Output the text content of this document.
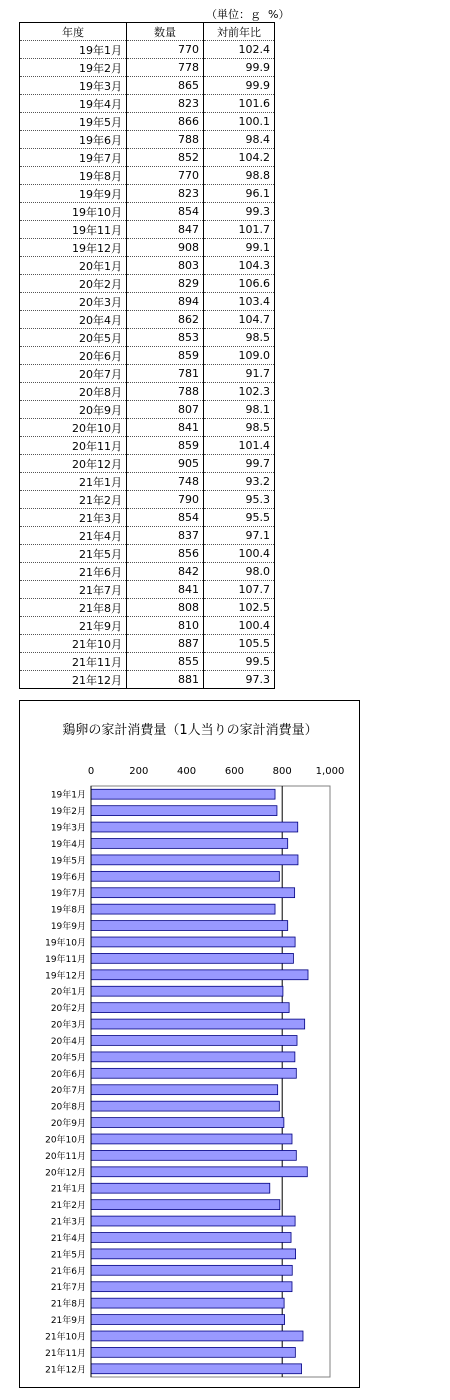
（単位：ｇ  %）
年度	数量	対前年比
19年1月	770	102.4
19年2月	778	99.9
19年3月	865	99.9
19年4月	823	101.6
19年5月	866	100.1
19年6月	788	98.4
19年7月	852	104.2
19年8月	770	98.8
19年9月	823	96.1
19年10月	854	99.3
19年11月	847	101.7
19年12月	908	99.1
20年1月	803	104.3
20年2月	829	106.6
20年3月	894	103.4
20年4月	862	104.7
20年5月	853	98.5
20年6月	859	109.0
20年7月	781	91.7
20年8月	788	102.3
20年9月	807	98.1
20年10月	841	98.5
20年11月	859	101.4
20年12月	905	99.7
21年1月	748	93.2
21年2月	790	95.3
21年3月	854	95.5
21年4月	837	97.1
21年5月	856	100.4
21年6月	842	98.0
21年7月	841	107.7
21年8月	808	102.5
21年9月	810	100.4
21年10月	887	105.5
21年11月	855	99.5
21年12月	881	97.3
鶏卵の家計消費量（1人当りの家計消費量）
0	200	400	600	800 1,000
19年1月
19年2月
19年3月
19年4月
19年5月
19年6月
19年7月
19年8月
19年9月
19年10月
19年11月
19年12月
20年1月
20年2月
20年3月
20年4月
20年5月
20年6月
20年7月
20年8月
20年9月
20年10月
20年11月
20年12月
21年1月
21年2月
21年3月
21年4月
21年5月
21年6月
21年7月
21年8月
21年9月
21年10月
21年11月
21年12月
